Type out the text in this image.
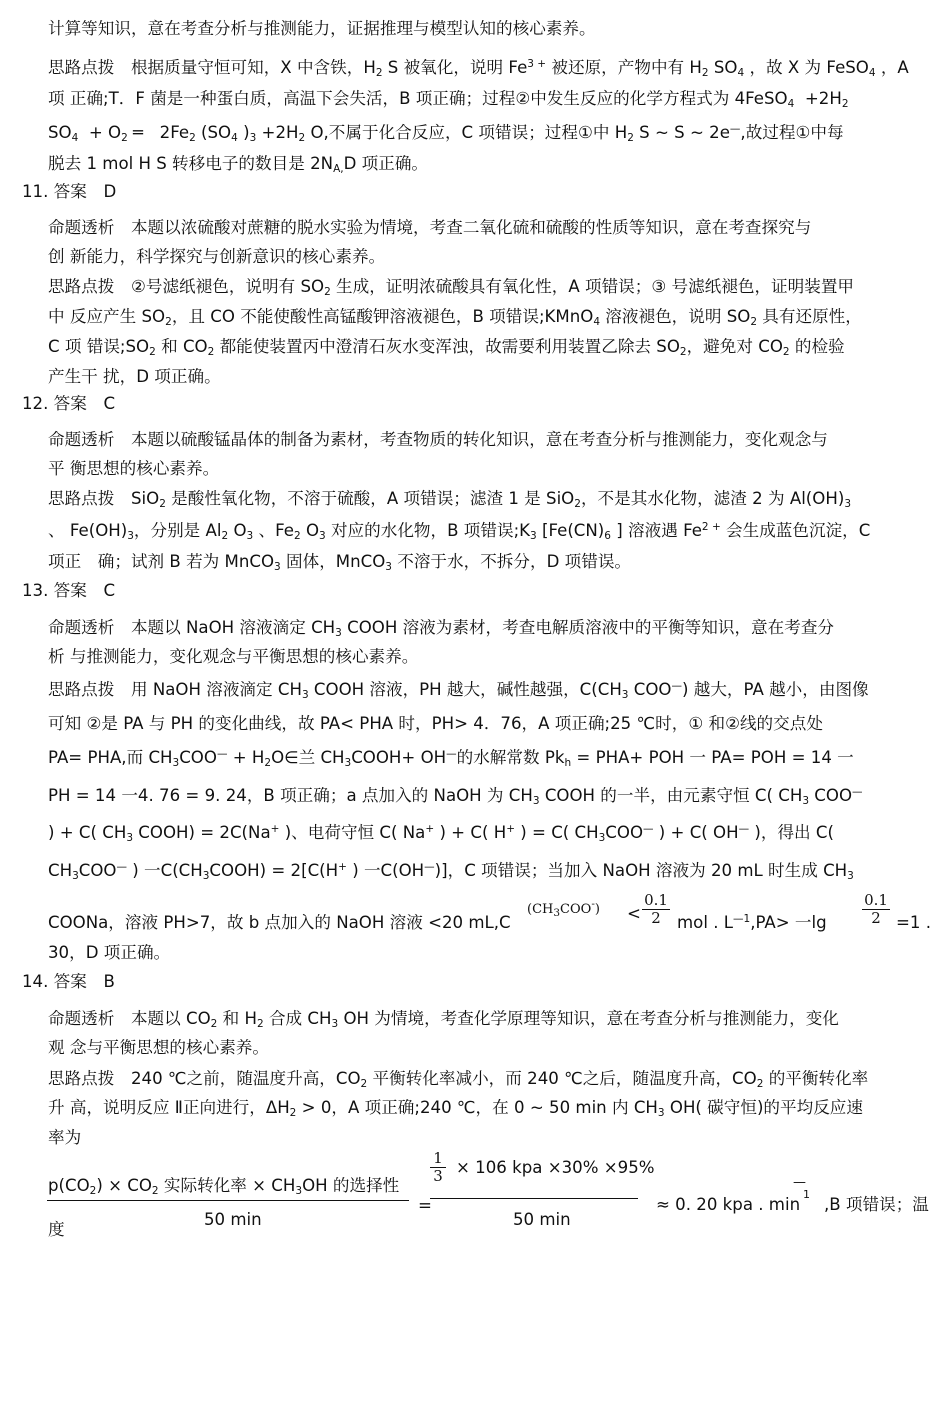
计算等知识，意在考查分析与推测能力，证据推理与模型认知的核心素养。

思路点拨　根据质量守恒可知，X 中含铁，$H_2$ S 被氧化，说明 $Fe^{3 +}$ 被还原，产物中有 $H_2$ $SO_4$ ，故 X 为 FeSO$_4$ ，A

项 正确;T．F 菌是一种蛋白质，高温下会失活，B 项正确；过程②中发生反应的化学方程式为 4FeSO$_4$ $+2H_2$

$SO_4 + O_2$ ═　$2Fe_2$ ($SO_4$ )$_3 +2H_2$ O,不属于化合反应，C 项错误；过程①中 $H_2$ S ~ S ~ 2e—,故过程①中每

脱去 1 mol H S 转移电子的数目是 $2N_{A,}D$ 项正确。

11. 答案　D

命题透析　本题以浓硫酸对蔗糖的脱水实验为情境，考查二氧化硫和硫酸的性质等知识，意在考查探究与

创 新能力，科学探究与创新意识的核心素养。

思路点拨　②号滤纸褪色，说明有 $SO_2$ 生成，证明浓硫酸具有氧化性，A 项错误；③ 号滤纸褪色，证明装置甲

中 反应产生 $SO_2$，且 CO 不能使酸性高锰酸钾溶液褪色，B 项错误;KMnO$_4$ 溶液褪色，说明 $SO_2$ 具有还原性，

C 项 错误$;SO_2$ 和 $CO_2$ 都能使装置丙中澄清石灰水变浑浊，故需要利用装置乙除去 $SO_2$，避免对 $CO_2$ 的检验

产生干 扰，D 项正确。

12. 答案　C

命题透析　本题以硫酸锰晶体的制备为素材，考查物质的转化知识，意在考查分析与推测能力，变化观念与

平 衡思想的核心素养。

思路点拨　SiO$_2$ 是酸性氧化物，不溶于硫酸，A 项错误；滤渣 1 是 SiO$_2$，不是其水化物，滤渣 2 为 $Al(OH)_3$

、 $Fe(OH)_3$，分别是 $Al_2$ $O_3$ 、$Fe_2$ $O_3$ 对应的水化物，B 项错误$;K_3$ [$Fe(CN)_6$ ] 溶液遇 $Fe^{2 +}$ 会生成蓝色沉淀，C

项正　确；试剂 B 若为 MnCO$_3$ 固体，MnCO$_3$ 不溶于水，不拆分，D 项错误。

13. 答案　C

命题透析　本题以 NaOH 溶液滴定 $CH_3$ COOH 溶液为素材，考查电解质溶液中的平衡等知识，意在考查分

析 与推测能力，变化观念与平衡思想的核心素养。

思路点拨　用 NaOH 溶液滴定 $CH_3$ COOH 溶液，PH 越大，碱性越强，$C(CH_3$ COO—) 越大，PA 越小，由图像

可知 ②是 PA 与 PH 的变化曲线，故 PA< PHA 时，PH> 4．76，A 项正确;25 ℃时，① 和②线的交点处

PA= PHA,而 $CH_3COO^—$ + $H_2O\in$兰 $CH_3COOH+ OH^—$的水解常数 $Pk_h = PHA+$ POH 一 PA= POH = 14 一

PH = 14 一4. 76 = 9. 24，B 项正确；a 点加入的 NaOH 为 $CH_3$ COOH 的一半，由元素守恒 C( $CH_3$ COO—

) + C( $CH_3$ COOH) = 2C(Na+ )、电荷守恒 C( Na+ ) + C( H+ ) = C( $CH_3COO^—$ ) + C( OH— )，得出 C(

$CH_3COO^—$ ) 一$C(CH_3COOH) = 2[C(H^+$ ) 一C(OH—)]，C 项错误；当加入 NaOH 溶液为 20 mL 时生成 $CH_3$

COONa，溶液 PH>7，故 b 点加入的 NaOH 溶液 <20 mL,C

$(CH_3COO^-)$ <
0.1
2 mol . $L^{—1},PA>$ 一lg
0.1
2 =1 .

30，D 项正确。

14. 答案　B

命题透析　本题以 $CO_2$ 和 $H_2$ 合成 $CH_3$ OH 为情境，考查化学原理等知识，意在考查分析与推测能力，变化

观 念与平衡思想的核心素养。

思路点拨　240 ℃之前，随温度升高，$CO_2$ 平衡转化率减小，而 240 ℃之后，随温度升高，$CO_2$ 的平衡转化率

升 高，说明反应 Ⅱ正向进行，$\Delta H_2 > 0$，A 项正确;240 ℃，在 0 ~ 50 min 内 $CH_3$ OH( 碳守恒)的平均反应速

率为

$p(CO_2) \times CO_2$ 实际转化率 × $CH_3OH$ 的选择性
50 min
=
1
3 × 106 kpa ×30% ×95%
50 min
≈ 0. 20 kpa . min
—
1
,B 项错误；温

度
